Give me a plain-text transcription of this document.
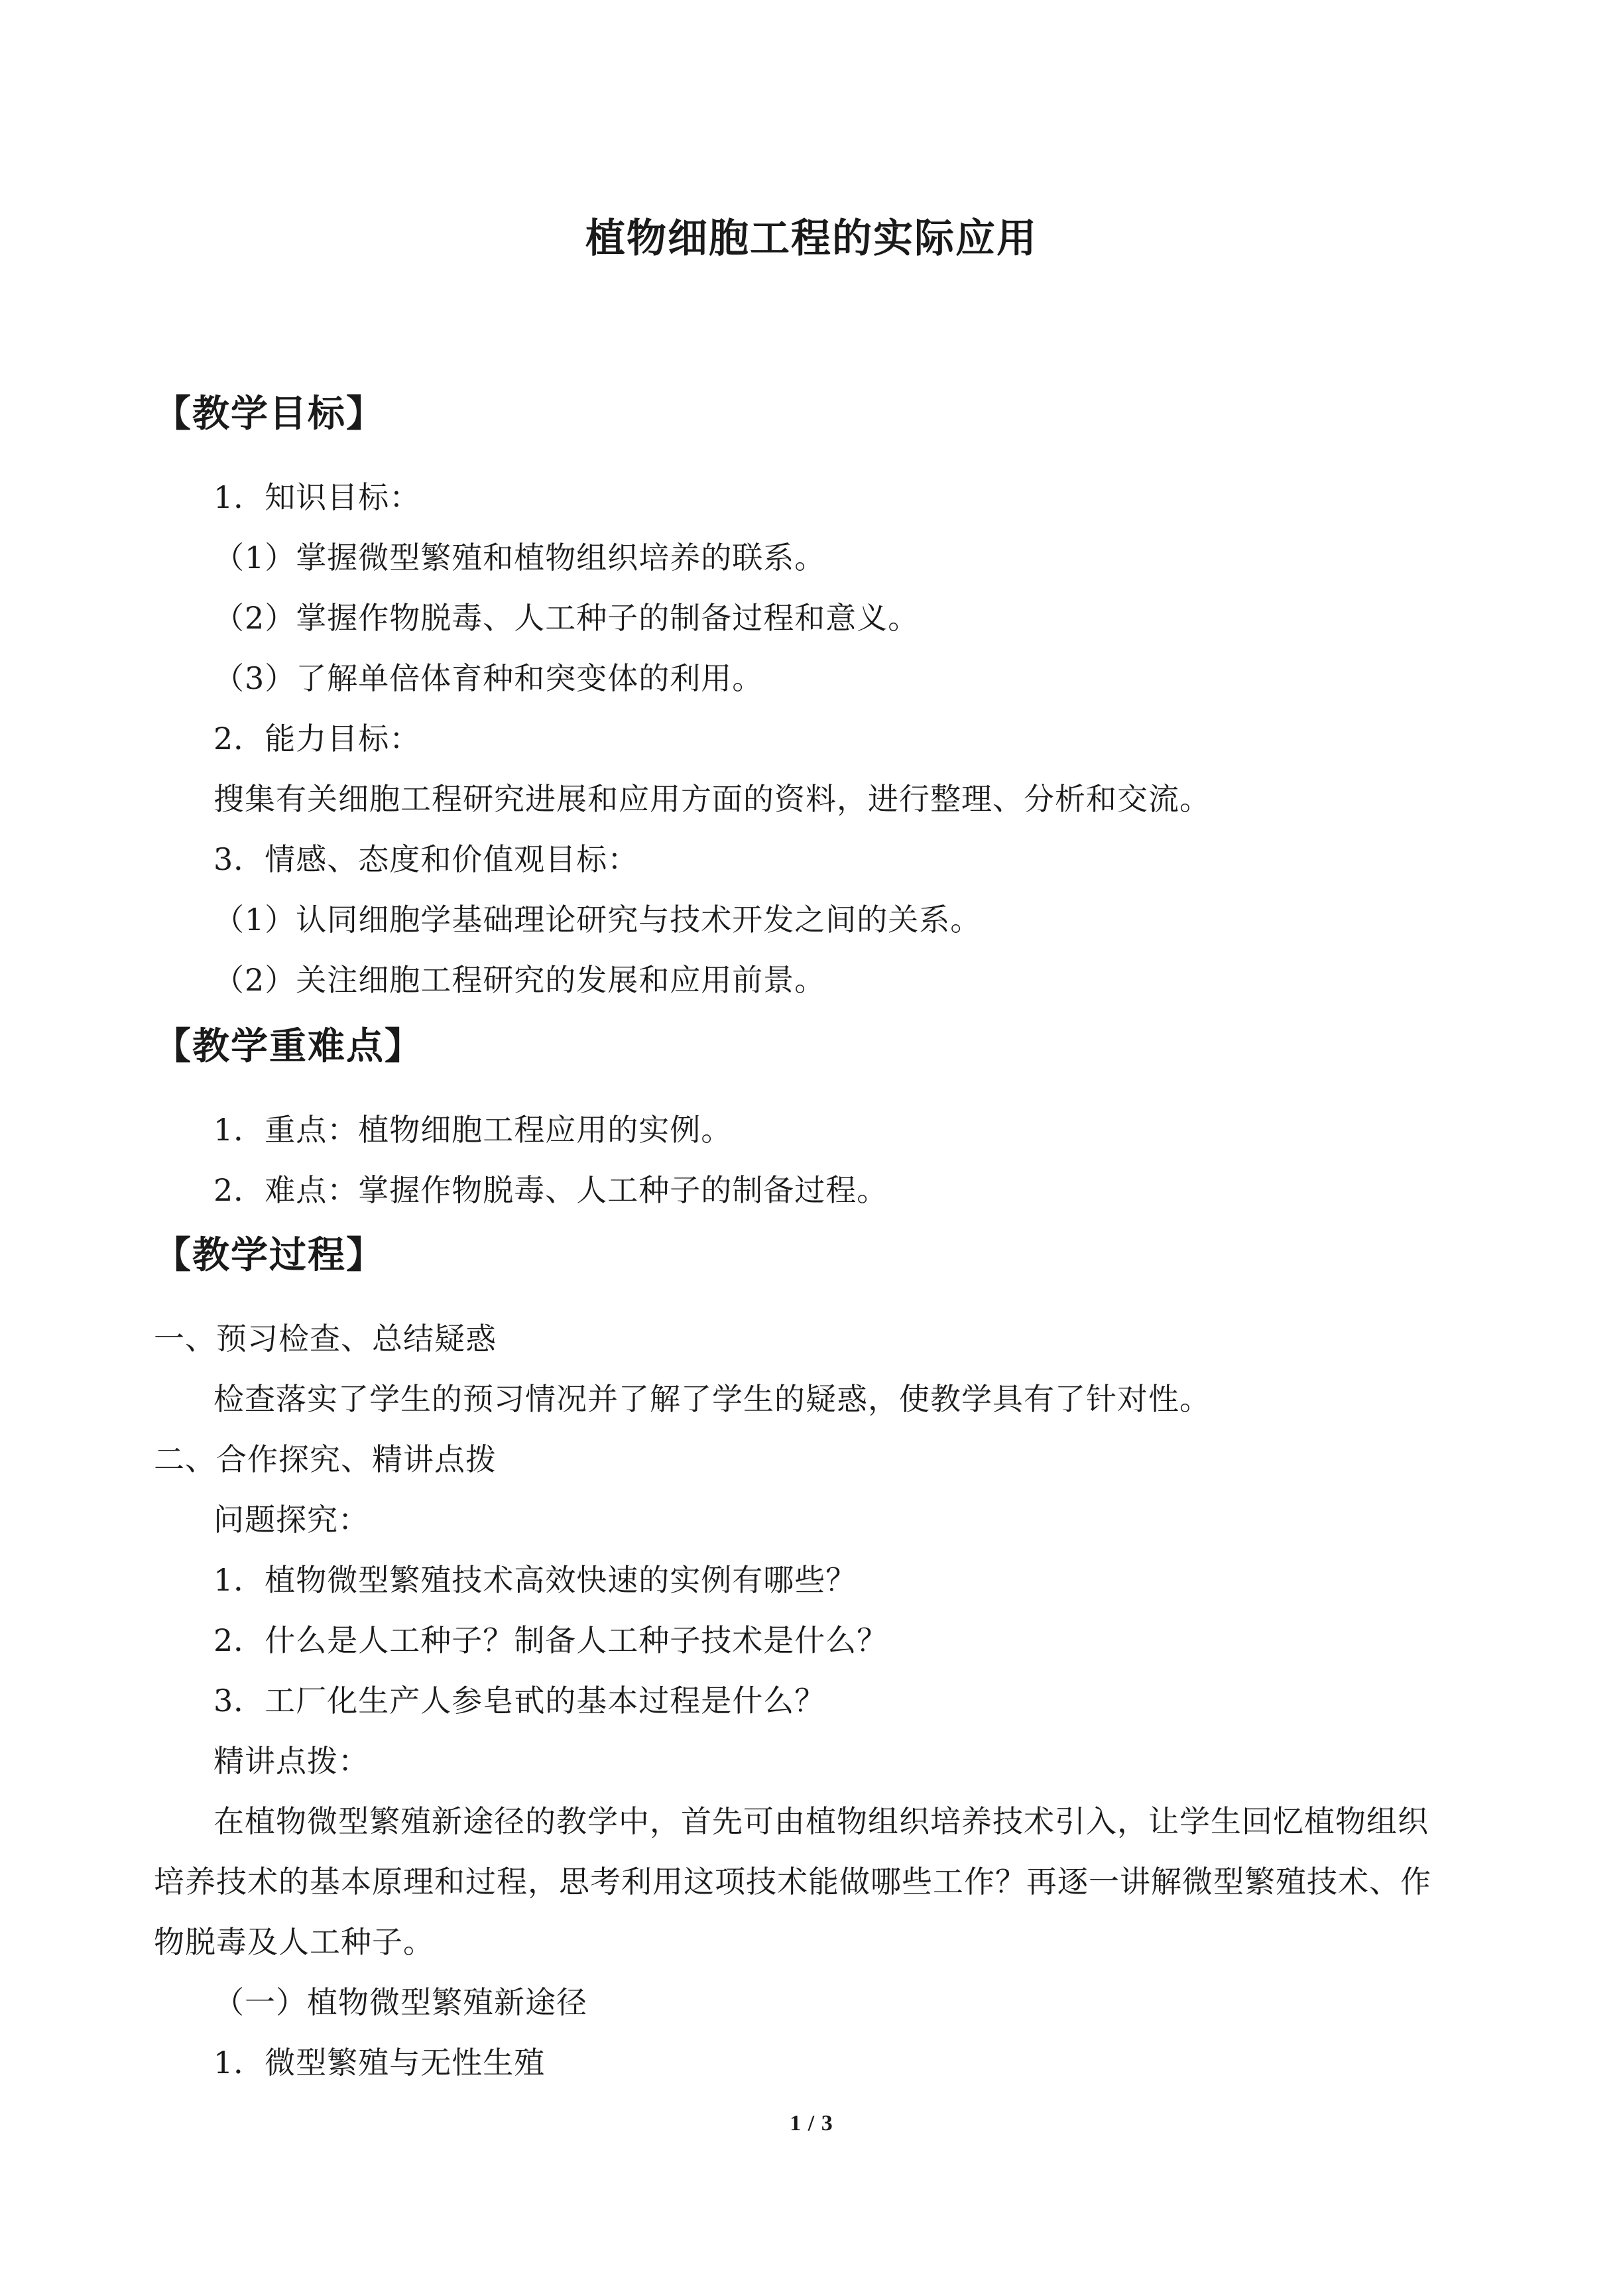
植物细胞工程的实际应用
【教学目标】

1．知识目标：

（1）掌握微型繁殖和植物组织培养的联系。

（2）掌握作物脱毒、人工种子的制备过程和意义。

（3）了解单倍体育种和突变体的利用。

2．能力目标：

搜集有关细胞工程研究进展和应用方面的资料，进行整理、分析和交流。

3．情感、态度和价值观目标：

（1）认同细胞学基础理论研究与技术开发之间的关系。

（2）关注细胞工程研究的发展和应用前景。

【教学重难点】

1．重点：植物细胞工程应用的实例。

2．难点：掌握作物脱毒、人工种子的制备过程。

【教学过程】

一、预习检查、总结疑惑

检查落实了学生的预习情况并了解了学生的疑惑，使教学具有了针对性。

二、合作探究、精讲点拨

问题探究：

1．植物微型繁殖技术高效快速的实例有哪些？

2．什么是人工种子？制备人工种子技术是什么？

3．工厂化生产人参皂甙的基本过程是什么？

精讲点拨：

在植物微型繁殖新途径的教学中，首先可由植物组织培养技术引入，让学生回忆植物组织

培养技术的基本原理和过程，思考利用这项技术能做哪些工作？再逐一讲解微型繁殖技术、作

物脱毒及人工种子。

（一）植物微型繁殖新途径

1．微型繁殖与无性生殖

1 / 3
